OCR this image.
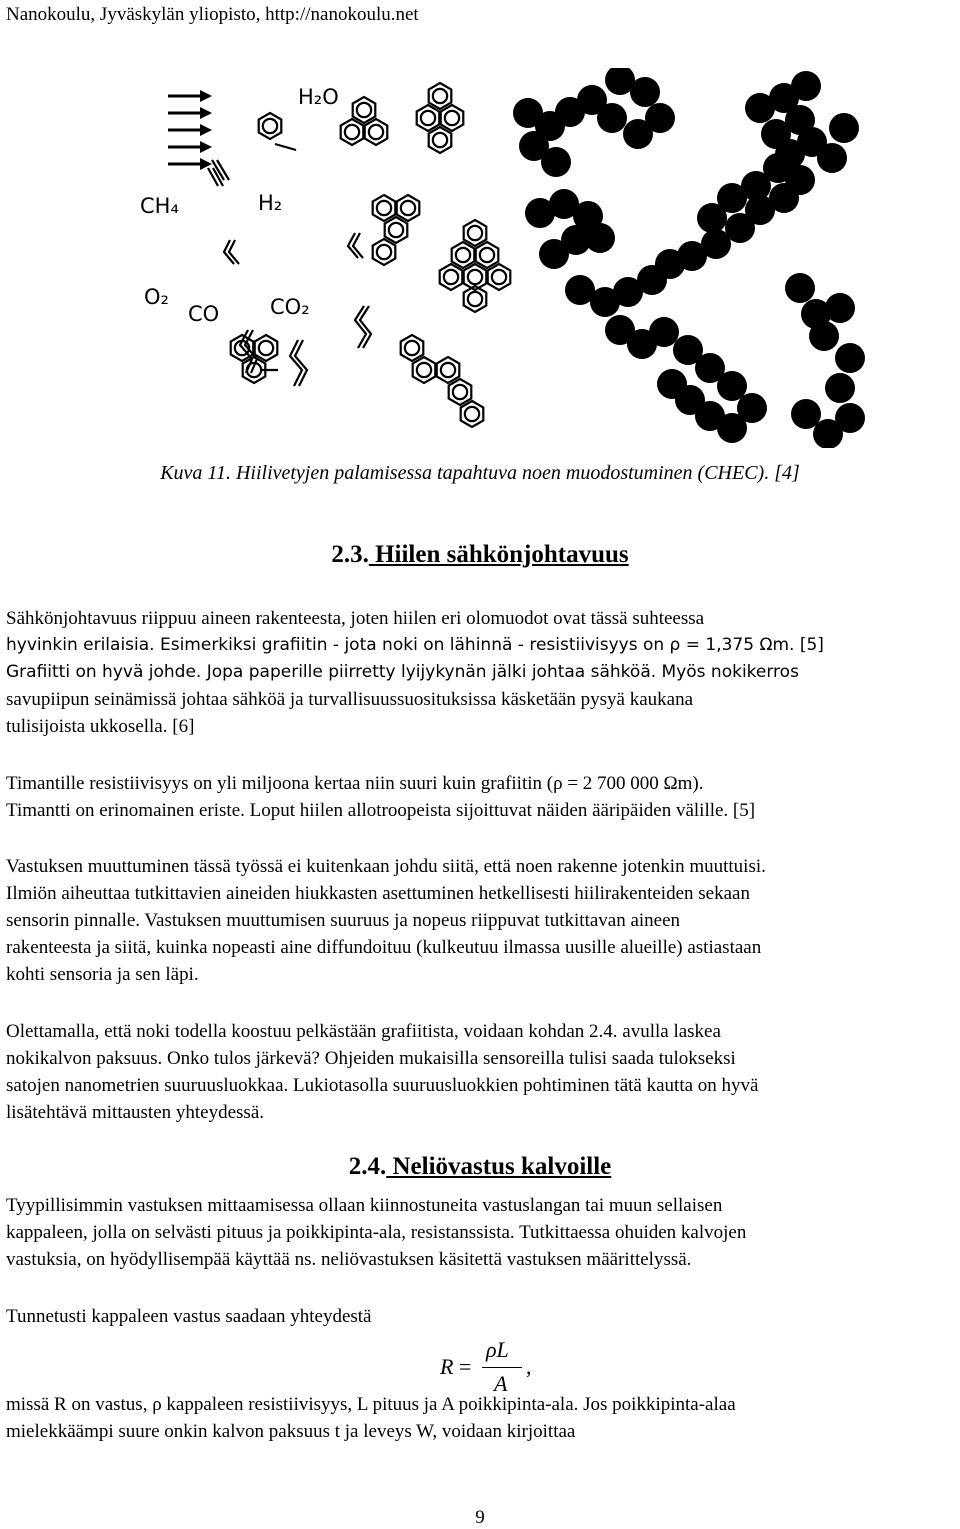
Nanokoulu, Jyväskylän yliopisto, http://nanokoulu.net
H₂O
CH₄	H₂
O₂
CO CO₂
Kuva 11. Hiilivetyjen palamisessa tapahtuva noen muodostuminen (CHEC). [4]
2.3. Hiilen sähkönjohtavuus
Sähkönjohtavuus riippuu aineen rakenteesta, joten hiilen eri olomuodot ovat tässä suhteessa
hyvinkin erilaisia. Esimerkiksi grafiitin - jota noki on lähinnä - resistiivisyys on ρ = 1,375 Ωm. [5]
Grafiitti on hyvä johde. Jopa paperille piirretty lyijykynän jälki johtaa sähköä. Myös nokikerros
savupiipun seinämissä johtaa sähköä ja turvallisuussuosituksissa käsketään pysyä kaukana
tulisijoista ukkosella. [6]
Timantille resistiivisyys on yli miljoona kertaa niin suuri kuin grafiitin (ρ = 2 700 000 Ωm).
Timantti on erinomainen eriste. Loput hiilen allotroopeista sijoittuvat näiden ääripäiden välille. [5]
Vastuksen muuttuminen tässä työssä ei kuitenkaan johdu siitä, että noen rakenne jotenkin muuttuisi.
Ilmiön aiheuttaa tutkittavien aineiden hiukkasten asettuminen hetkellisesti hiilirakenteiden sekaan
sensorin pinnalle. Vastuksen muuttumisen suuruus ja nopeus riippuvat tutkittavan aineen
rakenteesta ja siitä, kuinka nopeasti aine diffundoituu (kulkeutuu ilmassa uusille alueille) astiastaan
kohti sensoria ja sen läpi.
Olettamalla, että noki todella koostuu pelkästään grafiitista, voidaan kohdan 2.4. avulla laskea
nokikalvon paksuus. Onko tulos järkevä? Ohjeiden mukaisilla sensoreilla tulisi saada tulokseksi
satojen nanometrien suuruusluokkaa. Lukiotasolla suuruusluokkien pohtiminen tätä kautta on hyvä
lisätehtävä mittausten yhteydessä.
2.4. Neliövastus kalvoille
Tyypillisimmin vastuksen mittaamisessa ollaan kiinnostuneita vastuslangan tai muun sellaisen
kappaleen, jolla on selvästi pituus ja poikkipinta-ala, resistanssista. Tutkittaessa ohuiden kalvojen
vastuksia, on hyödyllisempää käyttää ns. neliövastuksen käsitettä vastuksen määrittelyssä.
Tunnetusti kappaleen vastus saadaan yhteydestä
R =
ρL
A
,
missä R on vastus, ρ kappaleen resistiivisyys, L pituus ja A poikkipinta-ala. Jos poikkipinta-alaa
mielekkäämpi suure onkin kalvon paksuus t ja leveys W, voidaan kirjoittaa
9
